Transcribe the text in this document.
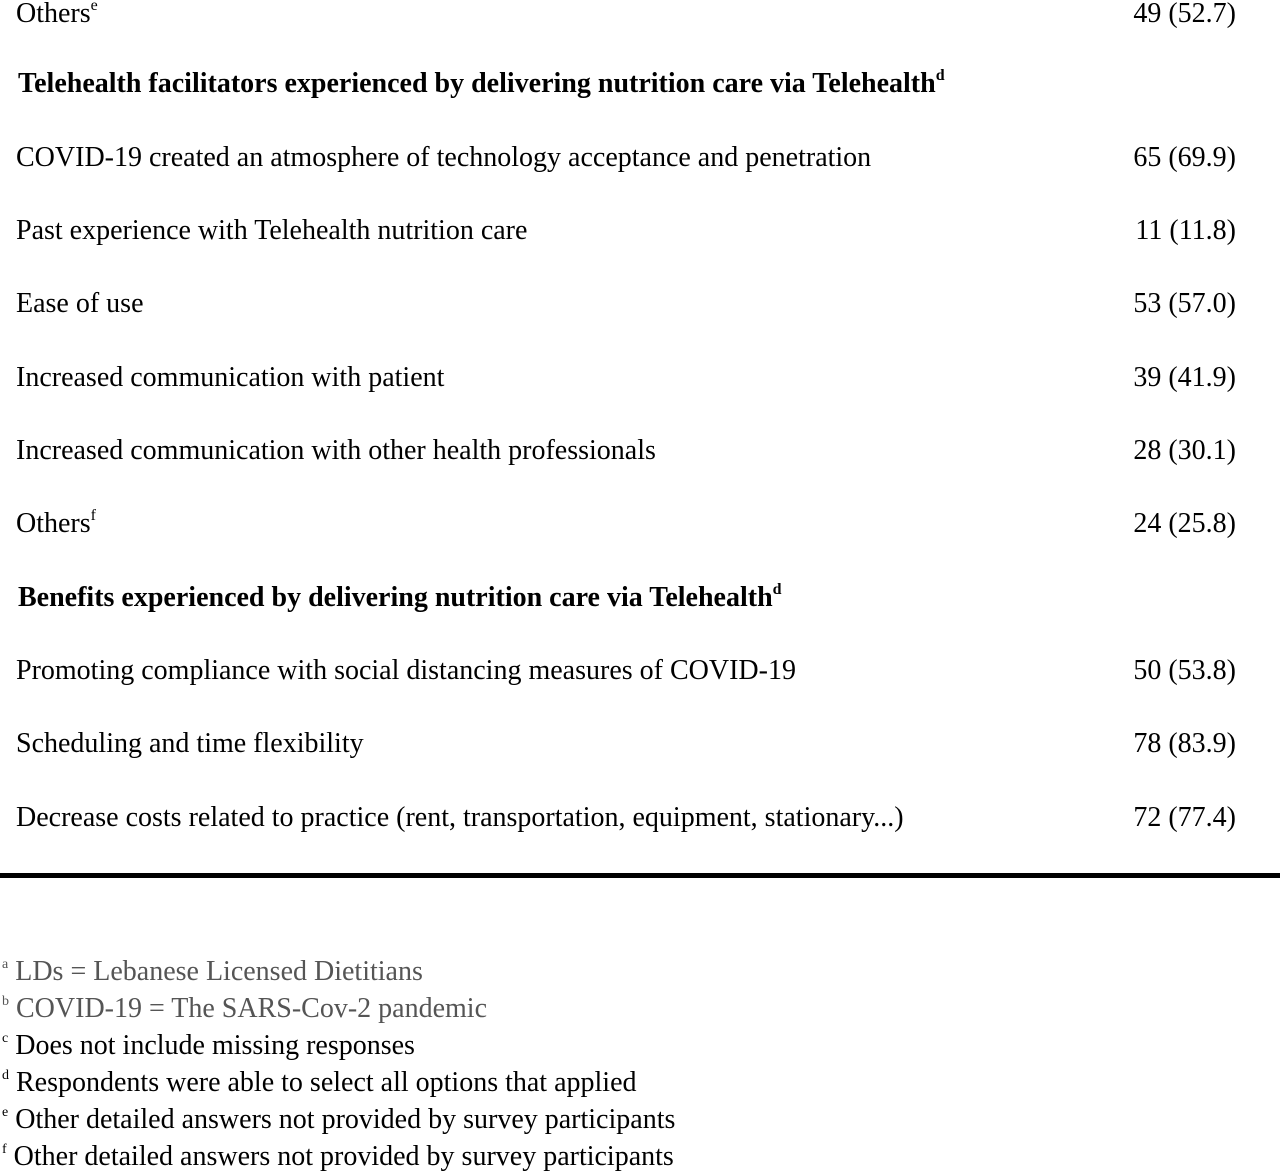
Others$^e$	49 (52.7)
Telehealth facilitators experienced by delivering nutrition care via Telehealth$^d$
COVID-19 created an atmosphere of technology acceptance and penetration	65 (69.9)
Past experience with Telehealth nutrition care	11 (11.8)
Ease of use	53 (57.0)
Increased communication with patient	39 (41.9)
Increased communication with other health professionals	28 (30.1)
Others$^f$	24 (25.8)
Benefits experienced by delivering nutrition care via Telehealth$^d$
Promoting compliance with social distancing measures of COVID-19	50 (53.8)
Scheduling and time flexibility	78 (83.9)
Decrease costs related to practice (rent, transportation, equipment, stationary...)	72 (77.4)
$^a$ LDs = Lebanese Licensed Dietitians
$^b$ COVID-19 = The SARS-Cov-2 pandemic
$^c$ Does not include missing responses
$^d$ Respondents were able to select all options that applied
$^e$ Other detailed answers not provided by survey participants
$^f$ Other detailed answers not provided by survey participants
